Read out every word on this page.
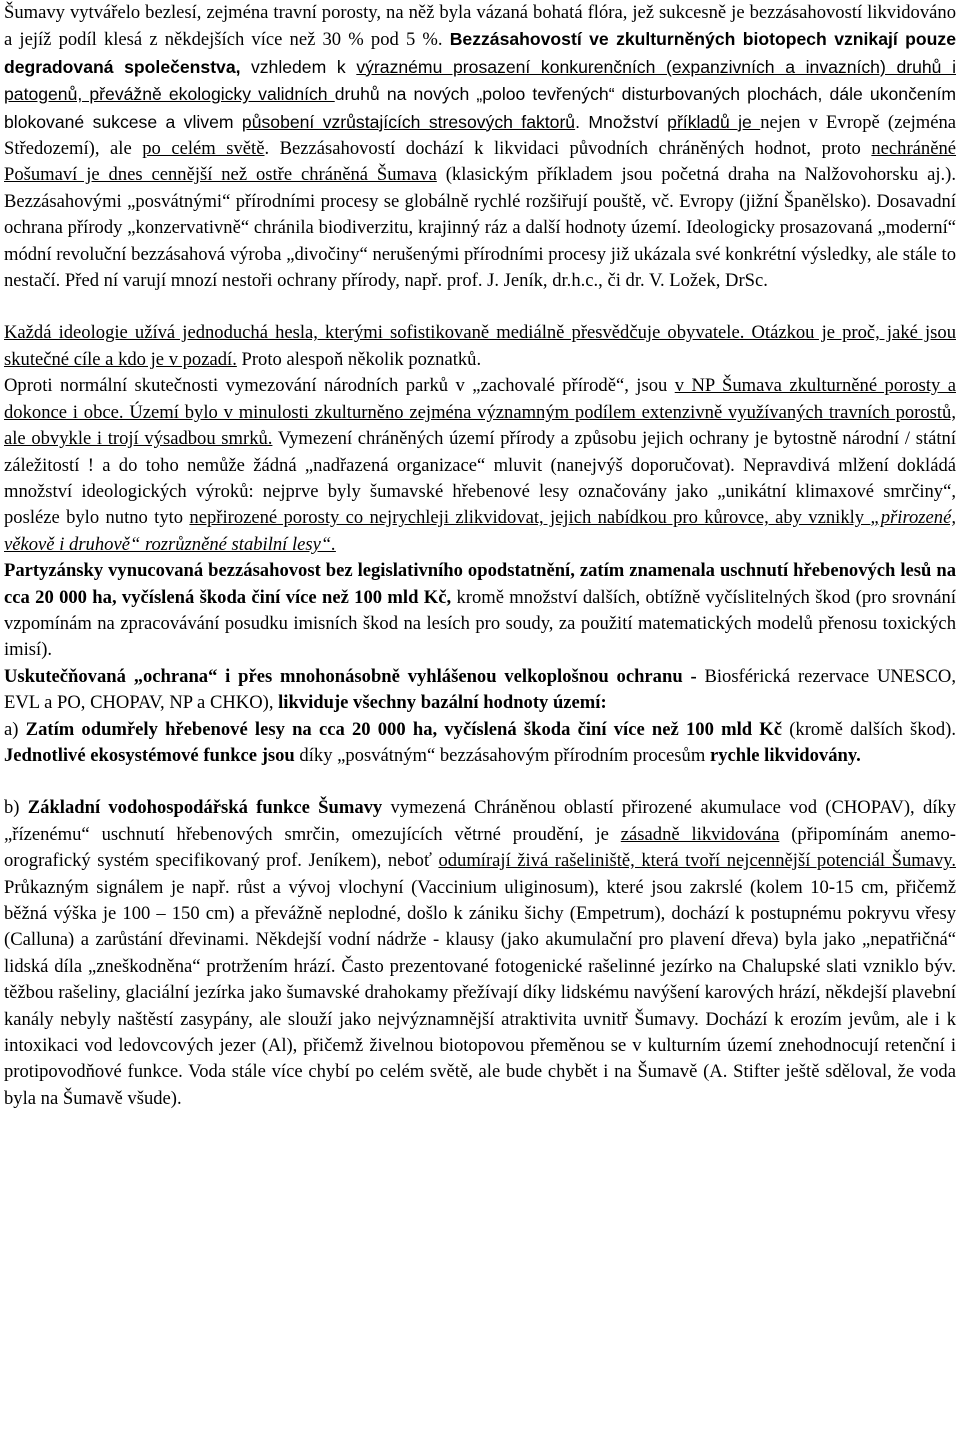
Šumavy vytvářelo bezlesí, zejména travní porosty, na něž byla vázaná bohatá flóra, jež sukcesně je bezzásahovostí likvidováno a jejíž podíl klesá z někdejších více než 30 % pod 5 %. Bezzásahovostí ve zkulturněných biotopech vznikají pouze degradovaná společenstva, vzhledem k výraznému prosazení konkurenčních (expanzivních a invazních) druhů i patogenů, převážně ekologicky validních druhů na nových „poloo tevřených“ disturbovaných plochách, dále ukončením blokované sukcese a vlivem působení vzrůstajících stresových faktorů. Množství příkladů je nejen v Evropě (zejména Středozemí), ale po celém světě. Bezzásahovostí dochází k likvidaci původních chráněných hodnot, proto nechráněné Pošumaví je dnes cennější než ostře chráněná Šumava (klasickým příkladem jsou početná draha na Nalžovohorsku aj.). Bezzásahovými „posvátnými“ přírodními procesy se globálně rychlé rozšiřují pouště, vč. Evropy (jižní Španělsko). Dosavadní ochrana přírody „konzervativně“ chránila biodiverzitu, krajinný ráz a další hodnoty území. Ideologicky prosazovaná „moderní“ módní revoluční bezzásahová výroba „divočiny“ nerušenými přírodními procesy již ukázala své konkrétní výsledky, ale stále to nestačí. Před ní varují mnozí nestoři ochrany přírody, např. prof. J. Jeník, dr.h.c., či dr. V. Ložek, DrSc.

Každá ideologie užívá jednoduchá hesla, kterými sofistikovaně mediálně přesvědčuje obyvatele. Otázkou je proč, jaké jsou skutečné cíle a kdo je v pozadí. Proto alespoň několik poznatků.

Oproti normální skutečnosti vymezování národních parků v „zachovalé přírodě“, jsou v NP Šumava zkulturněné porosty a dokonce i obce. Území bylo v minulosti zkulturněno zejména významným podílem extenzivně využívaných travních porostů, ale obvykle i trojí výsadbou smrků. Vymezení chráněných území přírody a způsobu jejich ochrany je bytostně národní / státní záležitostí ! a do toho nemůže žádná „nadřazená organizace“ mluvit (nanejvýš doporučovat). Nepravdivá mlžení dokládá množství ideologických výroků: nejprve byly šumavské hřebenové lesy označovány jako „unikátní klimaxové smrčiny“, posléze bylo nutno tyto nepřirozené porosty co nejrychleji zlikvidovat, jejich nabídkou pro kůrovce, aby vznikly „přirozené, věkově i druhově“ rozrůzněné stabilní lesy“.

Partyzánsky vynucovaná bezzásahovost bez legislativního opodstatnění, zatím znamenala uschnutí hřebenových lesů na cca 20 000 ha, vyčíslená škoda činí více než 100 mld Kč, kromě množství dalších, obtížně vyčíslitelných škod (pro srovnání vzpomínám na zpracovávání posudku imisních škod na lesích pro soudy, za použití matematických modelů přenosu toxických imisí).

Uskutečňovaná „ochrana“ i přes mnohonásobně vyhlášenou velkoplošnou ochranu - Biosférická rezervace UNESCO, EVL a PO, CHOPAV, NP a CHKO), likviduje všechny bazální hodnoty území:

a) Zatím odumřely hřebenové lesy na cca 20 000 ha, vyčíslená škoda činí více než 100 mld Kč (kromě dalších škod). Jednotlivé ekosystémové funkce jsou díky „posvátným“ bezzásahovým přírodním procesům rychle likvidovány.

b) Základní vodohospodářská funkce Šumavy vymezená Chráněnou oblastí přirozené akumulace vod (CHOPAV), díky „řízenému“ uschnutí hřebenových smrčin, omezujících větrné proudění, je zásadně likvidována (připomínám anemo-orografický systém specifikovaný prof. Jeníkem), neboť odumírají živá rašeliniště, která tvoří nejcennější potenciál Šumavy. Průkazným signálem je např. růst a vývoj vlochyní (Vaccinium uliginosum), které jsou zakrslé (kolem 10-15 cm, přičemž běžná výška je 100 – 150 cm) a převážně neplodné, došlo k zániku šichy (Empetrum), dochází k postupnému pokryvu vřesy (Calluna) a zarůstání dřevinami. Někdejší vodní nádrže - klausy (jako akumulační pro plavení dřeva) byla jako „nepatřičná“ lidská díla „zneškodněna“ protržením hrází. Často prezentované fotogenické rašelinné jezírko na Chalupské slati vzniklo býv. těžbou rašeliny, glaciální jezírka jako šumavské drahokamy přežívají díky lidskému navýšení karových hrází, někdejší plavební kanály nebyly naštěstí zasypány, ale slouží jako nejvýznamnější atraktivita uvnitř Šumavy. Dochází k erozím jevům, ale i k intoxikaci vod ledovcových jezer (Al), přičemž živelnou biotopovou přeměnou se v kulturním území znehodnocují retenční i protipovodňové funkce. Voda stále více chybí po celém světě, ale bude chybět i na Šumavě (A. Stifter ještě sděloval, že voda byla na Šumavě všude).
